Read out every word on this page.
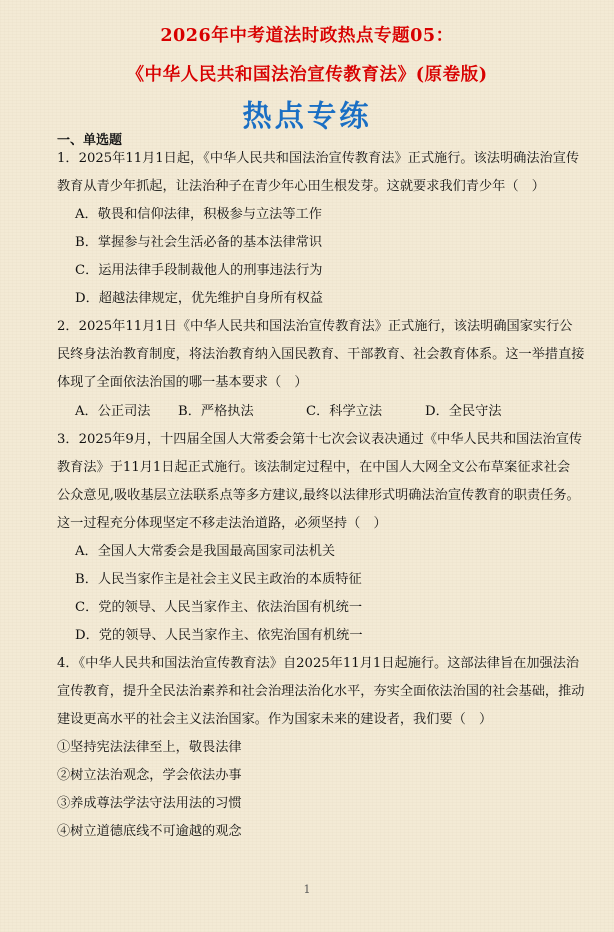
2026年中考道法时政热点专题05：
《中华人民共和国法治宣传教育法》(原卷版)
热点专练
一、单选题
1．2025年11月1日起，《中华人民共和国法治宣传教育法》正式施行。该法明确法治宣传
教育从青少年抓起，让法治种子在青少年心田生根发芽。这就要求我们青少年（　）
A．敬畏和信仰法律，积极参与立法等工作
B．掌握参与社会生活必备的基本法律常识
C．运用法律手段制裁他人的刑事违法行为
D．超越法律规定，优先维护自身所有权益
2．2025年11月1日《中华人民共和国法治宣传教育法》正式施行，该法明确国家实行公
民终身法治教育制度，将法治教育纳入国民教育、干部教育、社会教育体系。这一举措直接
体现了全面依法治国的哪一基本要求（　）
A．公正司法 B．严格执法	C．科学立法	D．全民守法
3．2025年9月，十四届全国人大常委会第十七次会议表决通过《中华人民共和国法治宣传
教育法》于11月1日起正式施行。该法制定过程中，在中国人大网全文公布草案征求社会
公众意见,吸收基层立法联系点等多方建议,最终以法律形式明确法治宣传教育的职责任务。
这一过程充分体现坚定不移走法治道路，必须坚持（　）
A．全国人大常委会是我国最高国家司法机关
B．人民当家作主是社会主义民主政治的本质特征
C．党的领导、人民当家作主、依法治国有机统一
D．党的领导、人民当家作主、依宪治国有机统一
4．《中华人民共和国法治宣传教育法》自2025年11月1日起施行。这部法律旨在加强法治
宣传教育，提升全民法治素养和社会治理法治化水平，夯实全面依法治国的社会基础，推动
建设更高水平的社会主义法治国家。作为国家未来的建设者，我们要（　）
①坚持宪法法律至上，敬畏法律
②树立法治观念，学会依法办事
③养成尊法学法守法用法的习惯
④树立道德底线不可逾越的观念
1
